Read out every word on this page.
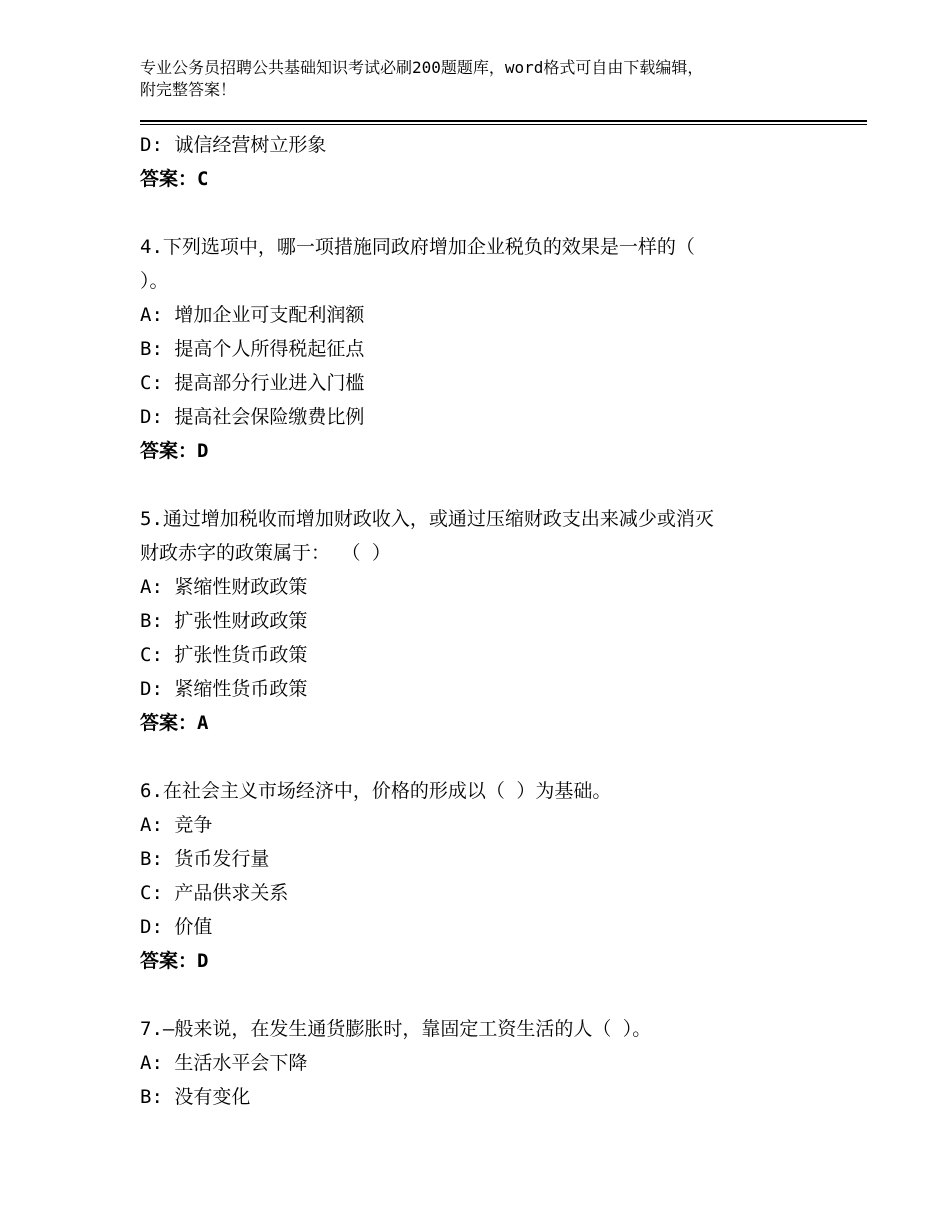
专业公务员招聘公共基础知识考试必刷200题题库，word格式可自由下载编辑，
附完整答案！
D: 诚信经营树立形象
答案：C
4.下列选项中，哪一项措施同政府增加企业税负的效果是一样的（
）。
A: 增加企业可支配利润额
B: 提高个人所得税起征点
C: 提高部分行业进入门槛
D: 提高社会保险缴费比例
答案：D
5.通过增加税收而增加财政收入，或通过压缩财政支出来减少或消灭
财政赤字的政策属于： （ ）
A: 紧缩性财政政策
B: 扩张性财政政策
C: 扩张性货币政策
D: 紧缩性货币政策
答案：A
6.在社会主义市场经济中，价格的形成以（ ）为基础。
A: 竞争
B: 货币发行量
C: 产品供求关系
D: 价值
答案：D
7.—般来说，在发生通货膨胀时，靠固定工资生活的人（ ）。
A: 生活水平会下降
B: 没有变化
